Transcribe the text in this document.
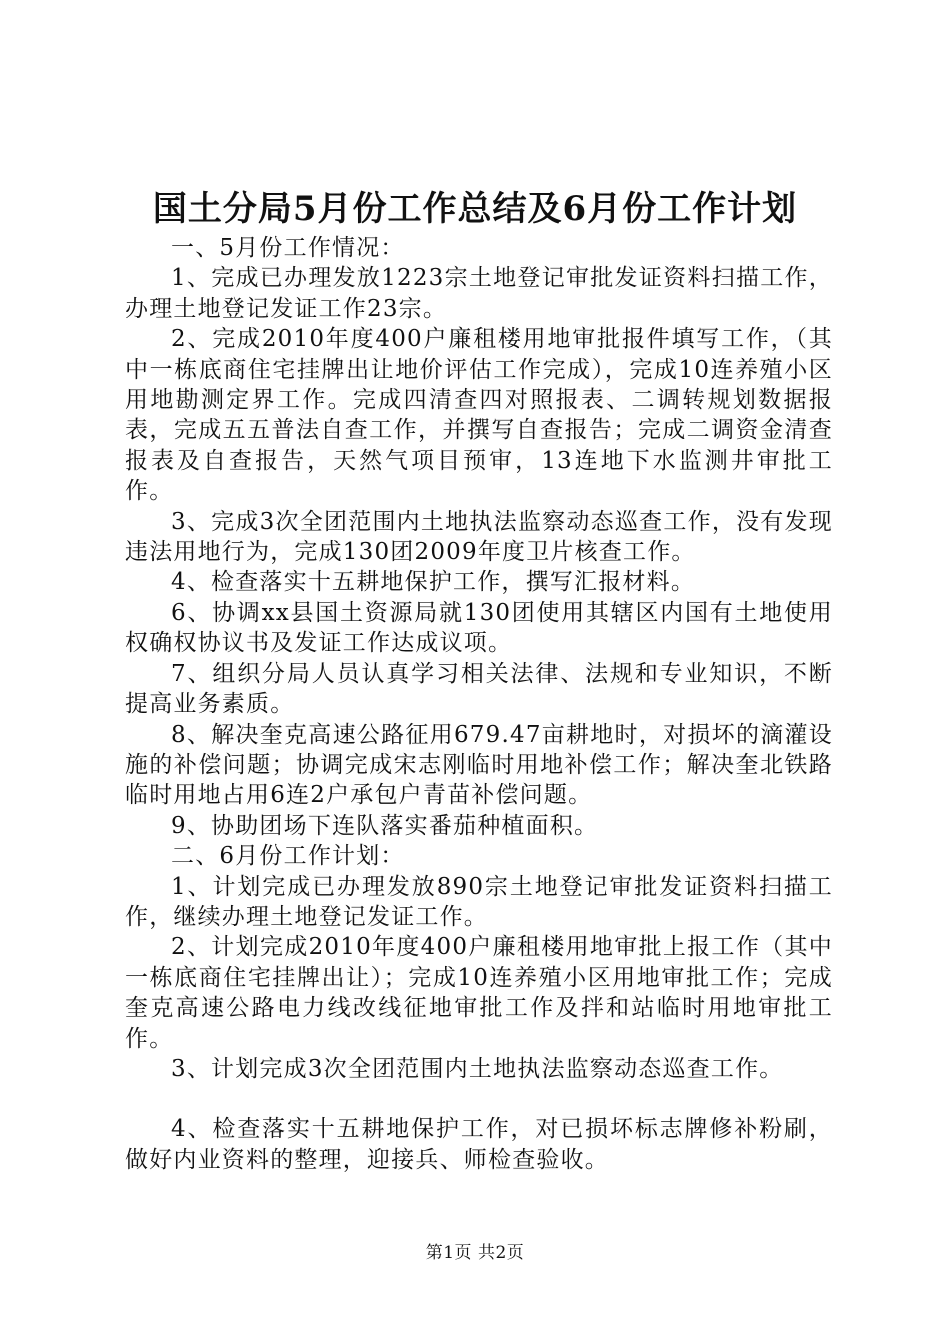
国土分局5月份工作总结及6月份工作计划

一、5月份工作情况：

1、完成已办理发放1223宗土地登记审批发证资料扫描工作，办理土地登记发证工作23宗。

2、完成2010年度400户廉租楼用地审批报件填写工作，（其中一栋底商住宅挂牌出让地价评估工作完成），完成10连养殖小区用地勘测定界工作。完成四清查四对照报表、二调转规划数据报表，完成五五普法自查工作，并撰写自查报告；完成二调资金清查报表及自查报告，天然气项目预审，13连地下水监测井审批工作。

3、完成3次全团范围内土地执法监察动态巡查工作，没有发现违法用地行为，完成130团2009年度卫片核查工作。

4、检查落实十五耕地保护工作，撰写汇报材料。

6、协调xx县国土资源局就130团使用其辖区内国有土地使用权确权协议书及发证工作达成议项。

7、组织分局人员认真学习相关法律、法规和专业知识，不断提高业务素质。

8、解决奎克高速公路征用679.47亩耕地时，对损坏的滴灌设施的补偿问题；协调完成宋志刚临时用地补偿工作；解决奎北铁路临时用地占用6连2户承包户青苗补偿问题。

9、协助团场下连队落实番茄种植面积。

二、6月份工作计划：

1、计划完成已办理发放890宗土地登记审批发证资料扫描工作，继续办理土地登记发证工作。

2、计划完成2010年度400户廉租楼用地审批上报工作（其中一栋底商住宅挂牌出让）；完成10连养殖小区用地审批工作；完成奎克高速公路电力线改线征地审批工作及拌和站临时用地审批工作。

3、计划完成3次全团范围内土地执法监察动态巡查工作。

4、检查落实十五耕地保护工作，对已损坏标志牌修补粉刷，做好内业资料的整理，迎接兵、师检查验收。

第1页 共2页
